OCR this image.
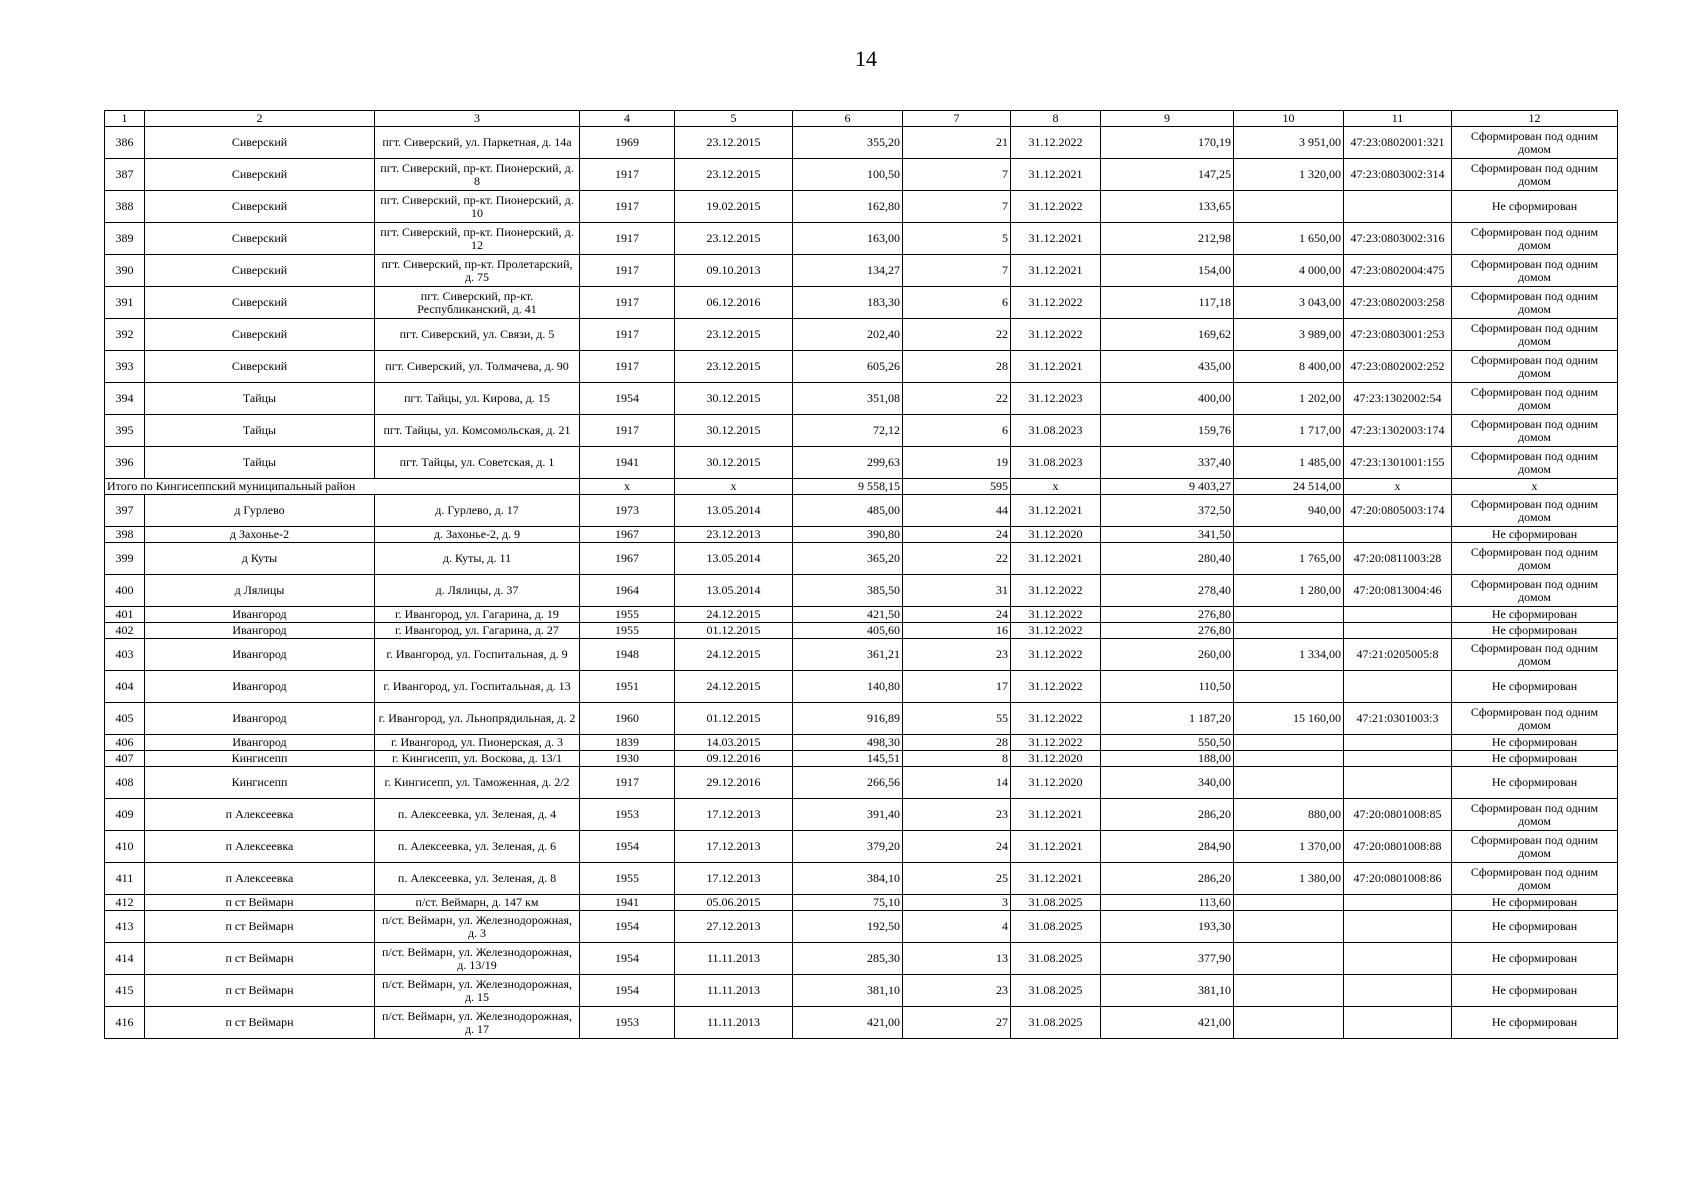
14
1	2	3	4	5	6	7	8	9	10	11	12
386	Сиверский	пгт. Сиверский, ул. Паркетная, д. 14а	1969	23.12.2015	355,20	21	31.12.2022	170,19	3 951,00	47:23:0802001:321	Сформирован под одним домом
387	Сиверский	пгт. Сиверский, пр-кт. Пионерский, д. 8	1917	23.12.2015	100,50	7	31.12.2021	147,25	1 320,00	47:23:0803002:314	Сформирован под одним домом
388	Сиверский	пгт. Сиверский, пр-кт. Пионерский, д. 10	1917	19.02.2015	162,80	7	31.12.2022	133,65			Не сформирован
389	Сиверский	пгт. Сиверский, пр-кт. Пионерский, д. 12	1917	23.12.2015	163,00	5	31.12.2021	212,98	1 650,00	47:23:0803002:316	Сформирован под одним домом
390	Сиверский	пгт. Сиверский, пр-кт. Пролетарский, д. 75	1917	09.10.2013	134,27	7	31.12.2021	154,00	4 000,00	47:23:0802004:475	Сформирован под одним домом
391	Сиверский	пгт. Сиверский, пр-кт. Республиканский, д. 41	1917	06.12.2016	183,30	6	31.12.2022	117,18	3 043,00	47:23:0802003:258	Сформирован под одним домом
392	Сиверский	пгт. Сиверский, ул. Связи, д. 5	1917	23.12.2015	202,40	22	31.12.2022	169,62	3 989,00	47:23:0803001:253	Сформирован под одним домом
393	Сиверский	пгт. Сиверский, ул. Толмачева, д. 90	1917	23.12.2015	605,26	28	31.12.2021	435,00	8 400,00	47:23:0802002:252	Сформирован под одним домом
394	Тайцы	пгт. Тайцы, ул. Кирова, д. 15	1954	30.12.2015	351,08	22	31.12.2023	400,00	1 202,00	47:23:1302002:54	Сформирован под одним домом
395	Тайцы	пгт. Тайцы, ул. Комсомольская, д. 21	1917	30.12.2015	72,12	6	31.08.2023	159,76	1 717,00	47:23:1302003:174	Сформирован под одним домом
396	Тайцы	пгт. Тайцы, ул. Советская, д. 1	1941	30.12.2015	299,63	19	31.08.2023	337,40	1 485,00	47:23:1301001:155	Сформирован под одним домом
Итого по Кингисеппский муниципальный район			х	х	9 558,15	595	х	9 403,27	24 514,00	х	х
397	д Гурлево	д. Гурлево, д. 17	1973	13.05.2014	485,00	44	31.12.2021	372,50	940,00	47:20:0805003:174	Сформирован под одним домом
398	д Захонье-2	д. Захонье-2, д. 9	1967	23.12.2013	390,80	24	31.12.2020	341,50			Не сформирован
399	д Куты	д. Куты, д. 11	1967	13.05.2014	365,20	22	31.12.2021	280,40	1 765,00	47:20:0811003:28	Сформирован под одним домом
400	д Лялицы	д. Лялицы, д. 37	1964	13.05.2014	385,50	31	31.12.2022	278,40	1 280,00	47:20:0813004:46	Сформирован под одним домом
401	Ивангород	г. Ивангород, ул. Гагарина, д. 19	1955	24.12.2015	421,50	24	31.12.2022	276,80			Не сформирован
402	Ивангород	г. Ивангород, ул. Гагарина, д. 27	1955	01.12.2015	405,60	16	31.12.2022	276,80			Не сформирован
403	Ивангород	г. Ивангород, ул. Госпитальная, д. 9	1948	24.12.2015	361,21	23	31.12.2022	260,00	1 334,00	47:21:0205005:8	Сформирован под одним домом
404	Ивангород	г. Ивангород, ул. Госпитальная, д. 13	1951	24.12.2015	140,80	17	31.12.2022	110,50			Не сформирован
405	Ивангород	г. Ивангород, ул. Льнопрядильная, д. 2	1960	01.12.2015	916,89	55	31.12.2022	1 187,20	15 160,00	47:21:0301003:3	Сформирован под одним домом
406	Ивангород	г. Ивангород, ул. Пионерская, д. 3	1839	14.03.2015	498,30	28	31.12.2022	550,50			Не сформирован
407	Кингисепп	г. Кингисепп, ул. Воскова, д. 13/1	1930	09.12.2016	145,51	8	31.12.2020	188,00			Не сформирован
408	Кингисепп	г. Кингисепп, ул. Таможенная, д. 2/2	1917	29.12.2016	266,56	14	31.12.2020	340,00			Не сформирован
409	п Алексеевка	п. Алексеевка, ул. Зеленая, д. 4	1953	17.12.2013	391,40	23	31.12.2021	286,20	880,00	47:20:0801008:85	Сформирован под одним домом
410	п Алексеевка	п. Алексеевка, ул. Зеленая, д. 6	1954	17.12.2013	379,20	24	31.12.2021	284,90	1 370,00	47:20:0801008:88	Сформирован под одним домом
411	п Алексеевка	п. Алексеевка, ул. Зеленая, д. 8	1955	17.12.2013	384,10	25	31.12.2021	286,20	1 380,00	47:20:0801008:86	Сформирован под одним домом
412	п ст Веймарн	п/ст. Веймарн, д. 147 км	1941	05.06.2015	75,10	3	31.08.2025	113,60			Не сформирован
413	п ст Веймарн	п/ст. Веймарн, ул. Железнодорожная, д. 3	1954	27.12.2013	192,50	4	31.08.2025	193,30			Не сформирован
414	п ст Веймарн	п/ст. Веймарн, ул. Железнодорожная, д. 13/19	1954	11.11.2013	285,30	13	31.08.2025	377,90			Не сформирован
415	п ст Веймарн	п/ст. Веймарн, ул. Железнодорожная, д. 15	1954	11.11.2013	381,10	23	31.08.2025	381,10			Не сформирован
416	п ст Веймарн	п/ст. Веймарн, ул. Железнодорожная, д. 17	1953	11.11.2013	421,00	27	31.08.2025	421,00			Не сформирован
